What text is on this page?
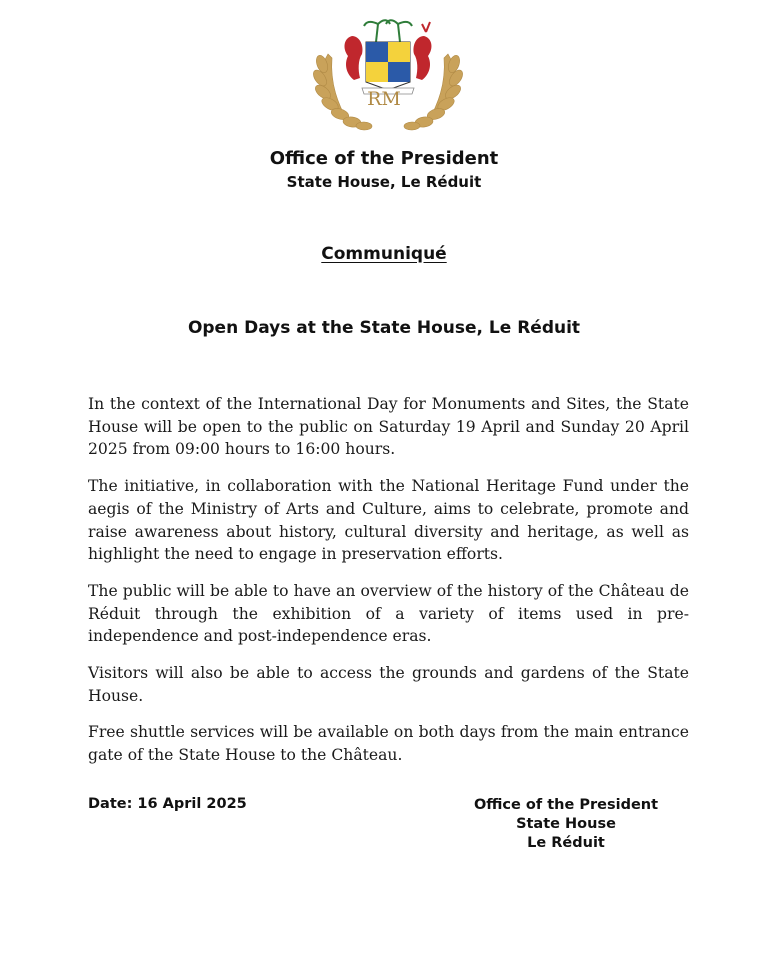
RM
Office of the President
State House, Le Réduit
Communiqué
Open Days at the State House, Le Réduit

In the context of the International Day for Monuments and Sites, the State House will be open to the public on Saturday 19 April and Sunday 20 April 2025 from 09:00 hours to 16:00 hours.

The initiative, in collaboration with the National Heritage Fund under the aegis of the Ministry of Arts and Culture, aims to celebrate, promote and raise awareness about history, cultural diversity and heritage, as well as highlight the need to engage in preservation efforts.

The public will be able to have an overview of the history of the Château de Réduit through the exhibition of a variety of items used in pre-independence and post-independence eras.

Visitors will also be able to access the grounds and gardens of the State House.

Free shuttle services will be available on both days from the main entrance gate of the State House to the Château.

Date: 16 April 2025	Office of the President
State House
Le Réduit
